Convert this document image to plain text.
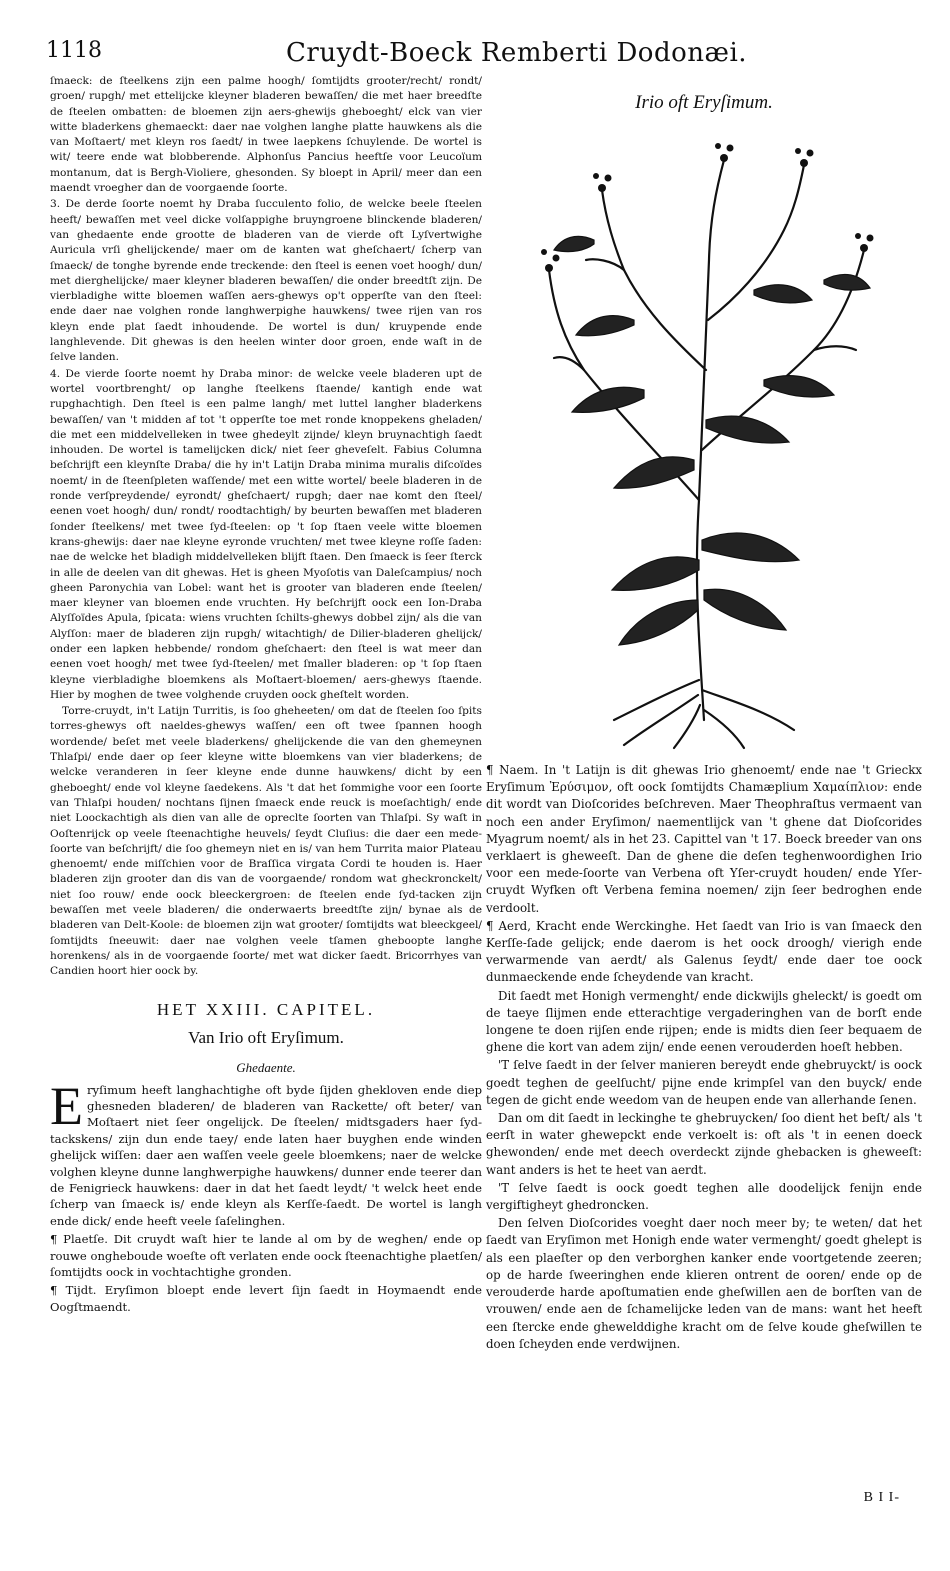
1118	Cruydt-Boeck Remberti Dodonæi.

ſmaeck: de ſteelkens zijn een palme hoogh/ ſomtijdts grooter/recht/ rondt/ groen/ rupgh/ met ettelijcke kleyner bladeren bewaſſen/ die met haer breedſte de ſteelen ombatten: de bloemen zijn aers-ghewijs gheboeght/ elck van vier witte bladerkens ghemaeckt: daer nae volghen langhe platte hauwkens als die van Moſtaert/ met kleyn ros ſaedt/ in twee laepkens ſchuylende. De wortel is wit/ teere ende wat blobberende. Alphonſus Pancius heeftſe voor Leucoïum montanum, dat is Bergh-Violiere, ghesonden. Sy bloept in April/ meer dan een maendt vroegher dan de voorgaende ſoorte.

3. De derde ſoorte noemt hy Draba ſucculento folio, de welcke beele ſteelen heeft/ bewaſſen met veel dicke volſappighe bruyngroene blinckende bladeren/ van ghedaente ende grootte de bladeren van de vierde oft Lyſvertwighe Auricula vrſi ghelijckende/ maer om de kanten wat gheſchaert/ ſcherp van ſmaeck/ de tonghe byrende ende treckende: den ſteel is eenen voet hoogh/ dun/ met dierghelijcke/ maer kleyner bladeren bewaſſen/ die onder breedtſt zijn. De vierbladighe witte bloemen waſſen aers-ghewys op't opperſte van den ſteel: ende daer nae volghen ronde langhwerpighe hauwkens/ twee rijen van ros kleyn ende plat ſaedt inhoudende. De wortel is dun/ kruypende ende langhlevende. Dit ghewas is den heelen winter door groen, ende waſt in de ſelve landen.

4. De vierde ſoorte noemt hy Draba minor: de welcke veele bladeren upt de wortel voortbrenght/ op langhe ſteelkens ſtaende/ kantigh ende wat rupghachtigh. Den ſteel is een palme langh/ met luttel langher bladerkens bewaſſen/ van 't midden af tot 't opperſte toe met ronde knoppekens gheladen/ die met een middelvelleken in twee ghedeylt zijnde/ kleyn bruynachtigh ſaedt inhouden. De wortel is tamelijcken dick/ niet ſeer gheveſelt. Fabius Columna beſchrijft een kleynſte Draba/ die hy in't Latijn Draba minima muralis diſcoïdes noemt/ in de ſteenſpleten waſſende/ met een witte wortel/ beele bladeren in de ronde verſpreydende/ eyrondt/ gheſchaert/ rupgh; daer nae komt den ſteel/ eenen voet hoogh/ dun/ rondt/ roodtachtigh/ by beurten bewaſſen met bladeren ſonder ſteelkens/ met twee ſyd-ſteelen: op 't ſop ſtaen veele witte bloemen krans-ghewijs: daer nae kleyne eyronde vruchten/ met twee kleyne roſſe ſaden: nae de welcke het bladigh middelvelleken blijft ſtaen. Den ſmaeck is ſeer ſterck in alle de deelen van dit ghewas. Het is gheen Myoſotis van Daleſcampius/ noch gheen Paronychia van Lobel: want het is grooter van bladeren ende ſteelen/ maer kleyner van bloemen ende vruchten. Hy beſchrijft oock een Ion-Draba Alyſſoïdes Apula, ſpicata: wiens vruchten ſchilts-ghewys dobbel zijn/ als die van Alyſſon: maer de bladeren zijn rupgh/ witachtigh/ de Dilier-bladeren ghelijck/ onder een lapken hebbende/ rondom gheſchaert: den ſteel is wat meer dan eenen voet hoogh/ met twee ſyd-ſteelen/ met ſmaller bladeren: op 't ſop ſtaen kleyne vierbladighe bloemkens als Moſtaert-bloemen/ aers-ghewys ſtaende. Hier by moghen de twee volghende cruyden oock gheſtelt worden.

Torre-cruydt, in't Latijn Turritis, is ſoo gheheeten/ om dat de ſteelen ſoo ſpits torres-ghewys oft naeldes-ghewys waſſen/ een oft twee ſpannen hoogh wordende/ beſet met veele bladerkens/ ghelijckende die van den ghemeynen Thlaſpi/ ende daer op ſeer kleyne witte bloemkens van vier bladerkens; de welcke veranderen in ſeer kleyne ende dunne hauwkens/ dicht by een gheboeght/ ende vol kleyne ſaedekens. Als 't dat het ſommighe voor een ſoorte van Thlaſpi houden/ nochtans ſijnen ſmaeck ende reuck is moeſachtigh/ ende niet Loockachtigh als dien van alle de opreclte ſoorten van Thlaſpi. Sy waſt in Ooſtenrijck op veele ſteenachtighe heuvels/ ſeydt Cluſius: die daer een mede-ſoorte van beſchrijft/ die ſoo ghemeyn niet en is/ van hem Turrita maior Plateau ghenoemt/ ende miſſchien voor de Braſſica virgata Cordi te houden is. Haer bladeren zijn grooter dan dis van de voorgaende/ rondom wat gheckronckelt/ niet ſoo rouw/ ende oock bleeckergroen: de ſteelen ende ſyd-tacken zijn bewaſſen met veele bladeren/ die onderwaerts breedtſte zijn/ bynae als de bladeren van Delt-Koole: de bloemen zijn wat grooter/ ſomtijdts wat bleeckgeel/ ſomtijdts ſneeuwit: daer nae volghen veele tſamen gheboopte langhe horenkens/ als in de voorgaende ſoorte/ met wat dicker ſaedt. Bricorrhyes van Candien hoort hier oock by.

HET XXIII. CAPITEL.
Van Irio oft Eryſimum.
Ghedaente.

Eryſimum heeft langhachtighe oft byde ſijden ghekloven ende diep ghesneden bladeren/ de bladeren van Rackette/ oft beter/ van Moſtaert niet ſeer ongelijck. De ſteelen/ midtsgaders haer ſyd-tackskens/ zijn dun ende taey/ ende laten haer buyghen ende winden ghelijck wiſſen: daer aen waſſen veele geele bloemkens; naer de welcke volghen kleyne dunne langhwerpighe hauwkens/ dunner ende teerer dan de Fenigrieck hauwkens: daer in dat het ſaedt leydt/ 't welck heet ende ſcherp van ſmaeck is/ ende kleyn als Kerſſe-ſaedt. De wortel is langh ende dick/ ende heeft veele ſaſelinghen.

¶ Plaetſe. Dit cruydt waſt hier te lande al om by de weghen/ ende op rouwe ongheboude woeſte oft verlaten ende oock ſteenachtighe plaetſen/ ſomtijdts oock in vochtachtighe gronden.

¶ Tijdt. Eryſimon bloept ende levert ſijn ſaedt in Hoymaendt ende Oogſtmaendt.

Irio oft Eryſimum.

¶ Naem. In 't Latijn is dit ghewas Irio ghenoemt/ ende nae 't Grieckx Eryſimum Ἐρύσιμον, oft oock ſomtijdts Chamæplium Χαμαίπλιον: ende dit wordt van Dioſcorides beſchreven. Maer Theophraſtus vermaent van noch een ander Eryſimon/ naementlijck van 't ghene dat Dioſcorides Myagrum noemt/ als in het 23. Capittel van 't 17. Boeck breeder van ons verklaert is gheweeſt. Dan de ghene die deſen teghenwoordighen Irio voor een mede-ſoorte van Verbena oft Yſer-cruydt houden/ ende Yſer-cruydt Wyfken oft Verbena femina noemen/ zijn ſeer bedroghen ende verdoolt.

¶ Aerd, Kracht ende Werckinghe. Het ſaedt van Irio is van ſmaeck den Kerſſe-ſade gelijck; ende daerom is het oock droogh/ vierigh ende verwarmende van aerdt/ als Galenus ſeydt/ ende daer toe oock dunmaeckende ende ſcheydende van kracht.

Dit ſaedt met Honigh vermenght/ ende dickwijls gheleckt/ is goedt om de taeye ſlijmen ende etterachtige vergaderinghen van de borſt ende longene te doen rijſen ende rijpen; ende is midts dien ſeer bequaem de ghene die kort van adem zijn/ ende eenen verouderden hoeſt hebben.

'T ſelve ſaedt in der ſelver manieren bereydt ende ghebruyckt/ is oock goedt teghen de geelſucht/ pijne ende krimpſel van den buyck/ ende tegen de gicht ende weedom van de heupen ende van allerhande ſenen.

Dan om dit ſaedt in leckinghe te ghebruycken/ ſoo dient het beſt/ als 't eerſt in water ghewepckt ende verkoelt is: oft als 't in eenen doeck ghewonden/ ende met deech overdeckt zijnde ghebacken is gheweeſt: want anders is het te heet van aerdt.

'T ſelve ſaedt is oock goedt teghen alle doodelijck fenijn ende vergiftigheyt ghedroncken.

Den ſelven Dioſcorides voeght daer noch meer by; te weten/ dat het ſaedt van Eryſimon met Honigh ende water vermenght/ goedt ghelept is als een plaeſter op den verborghen kanker ende voortgetende zeeren; op de harde ſweeringhen ende klieren ontrent de ooren/ ende op de verouderde harde apoſtumatien ende gheſwillen aen de borſten van de vrouwen/ ende aen de ſchamelijcke leden van de mans: want het heeft een ſtercke ende ghewelddighe kracht om de ſelve koude gheſwillen te doen ſcheyden ende verdwijnen.

B I I-
